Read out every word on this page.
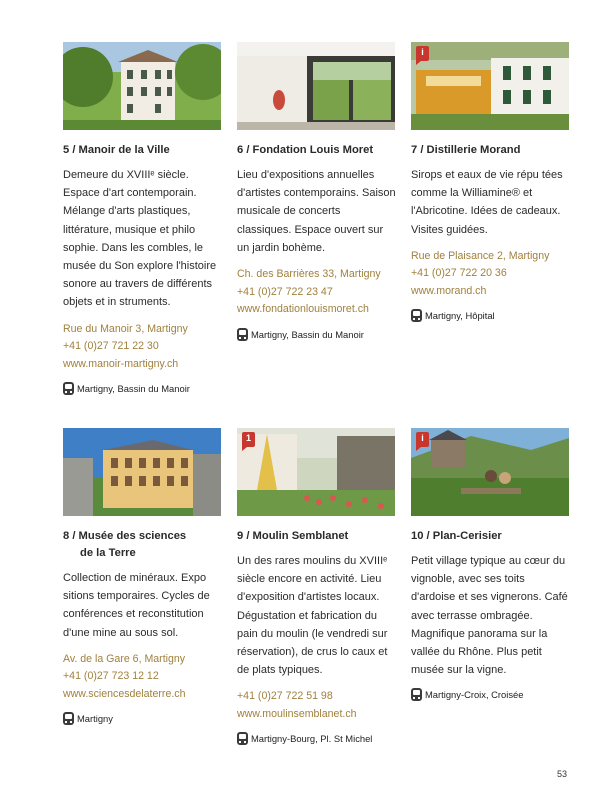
5 / Manoir de la Ville
Demeure du XVIIIᵉ siècle. Espace d'art contemporain. Mélange d'arts plastiques, littérature, musique et philo sophie. Dans les combles, le musée du Son explore l'histoire sonore au travers de différents objets et in struments.
Rue du Manoir 3, Martigny
+41 (0)27 721 22 30
www.manoir-martigny.ch
Martigny, Bassin du Manoir
6 / Fondation Louis Moret
Lieu d'expositions annuelles d'artistes contemporains. Saison musicale de concerts classiques. Espace ouvert sur un jardin bohème.
Ch. des Barrières 33, Martigny
+41 (0)27 722 23 47
www.fondationlouismoret.ch
Martigny, Bassin du Manoir
i
7 / Distillerie Morand
Sirops et eaux de vie répu tées comme la Williamine® et l'Abricotine. Idées de cadeaux. Visites guidées.
Rue de Plaisance 2, Martigny
+41 (0)27 722 20 36
www.morand.ch
Martigny, Hôpital
8 / Musée des sciences
de la Terre
Collection de minéraux. Expo sitions temporaires. Cycles de conférences et reconstitution d'une mine au sous sol.
Av. de la Gare 6, Martigny
+41 (0)27 723 12 12
www.sciencesdelaterre.ch
Martigny
1
9 / Moulin Semblanet
Un des rares moulins du XVIIIᵉ siècle encore en activité. Lieu d'exposition d'artistes locaux. Dégustation et fabrication du pain du moulin (le vendredi sur réservation), de crus lo caux et de plats typiques.
+41 (0)27 722 51 98
www.moulinsemblanet.ch
Martigny-Bourg, Pl. St Michel
i
10 / Plan-Cerisier
Petit village typique au cœur du vignoble, avec ses toits d'ardoise et ses vignerons. Café avec terrasse ombragée. Magnifique panorama sur la vallée du Rhône. Plus petit musée sur la vigne.
Martigny-Croix, Croisée
53
